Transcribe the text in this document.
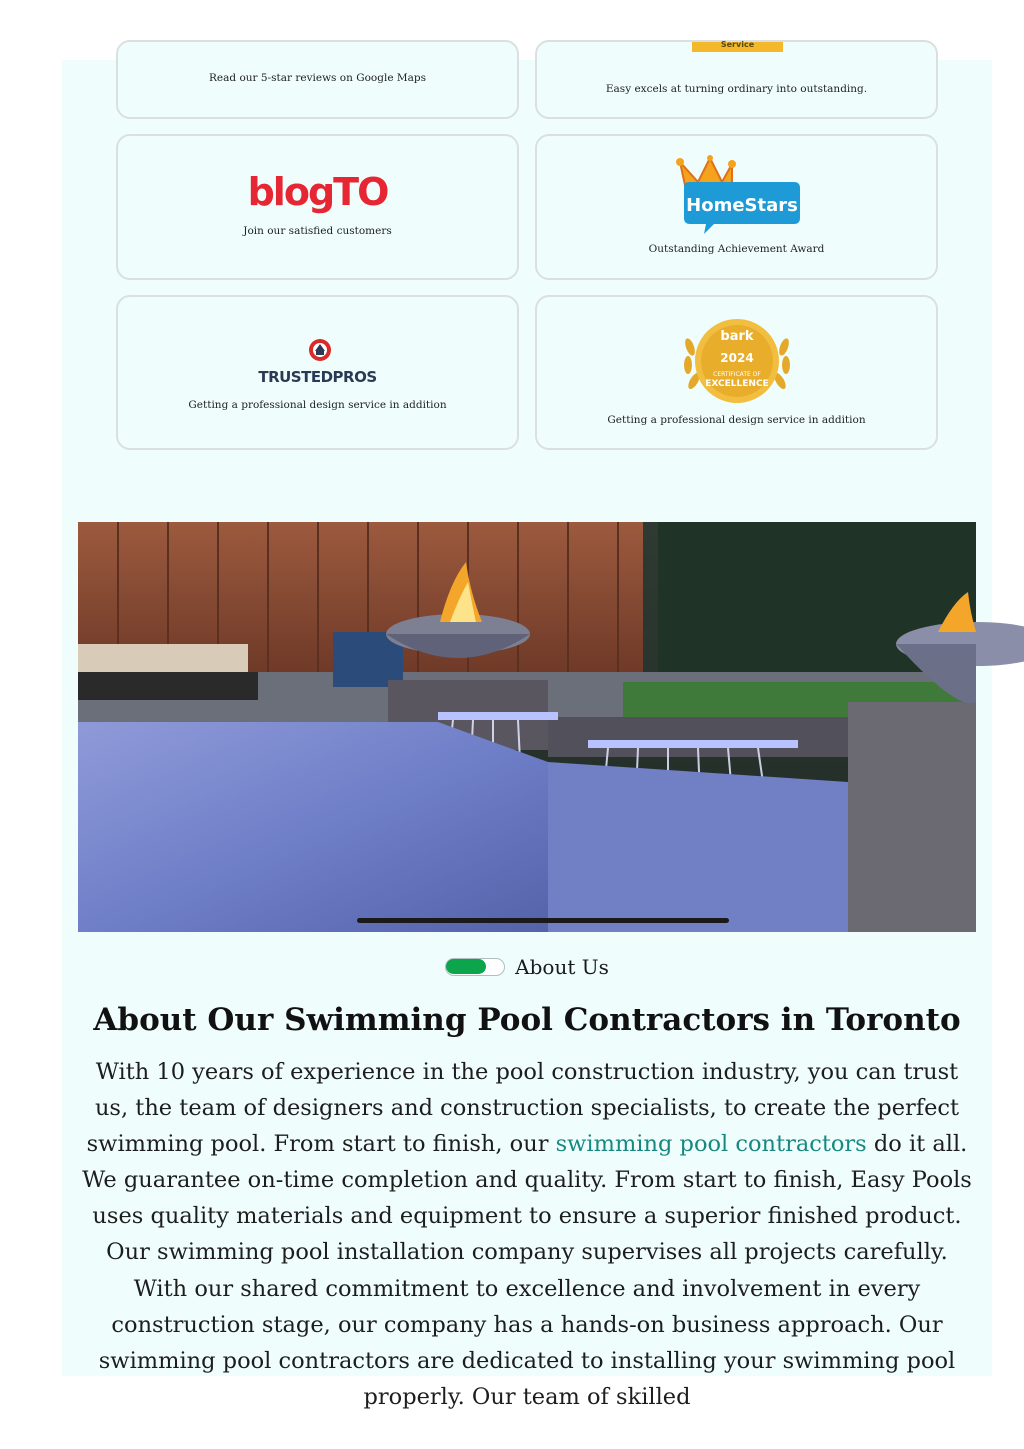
Read our 5-star reviews on Google Maps
Service
Easy excels at turning ordinary into outstanding.
blogTO
Join our satisfied customers
HomeStars
Outstanding Achievement Award
TRUSTEDPROS
Getting a professional design service in addition
bark
2024
CERTIFICATE OF
EXCELLENCE
Getting a professional design service in addition
About Us
About Our Swimming Pool Contractors in Toronto

With 10 years of experience in the pool construction industry, you can trust us, the team of designers and construction specialists, to create the perfect swimming pool. From start to finish, our swimming pool contractors do it all. We guarantee on-time completion and quality. From start to finish, Easy Pools uses quality materials and equipment to ensure a superior finished product. Our swimming pool installation company supervises all projects carefully. With our shared commitment to excellence and involvement in every construction stage, our company has a hands-on business approach. Our swimming pool contractors are dedicated to installing your swimming pool properly. Our team of skilled
